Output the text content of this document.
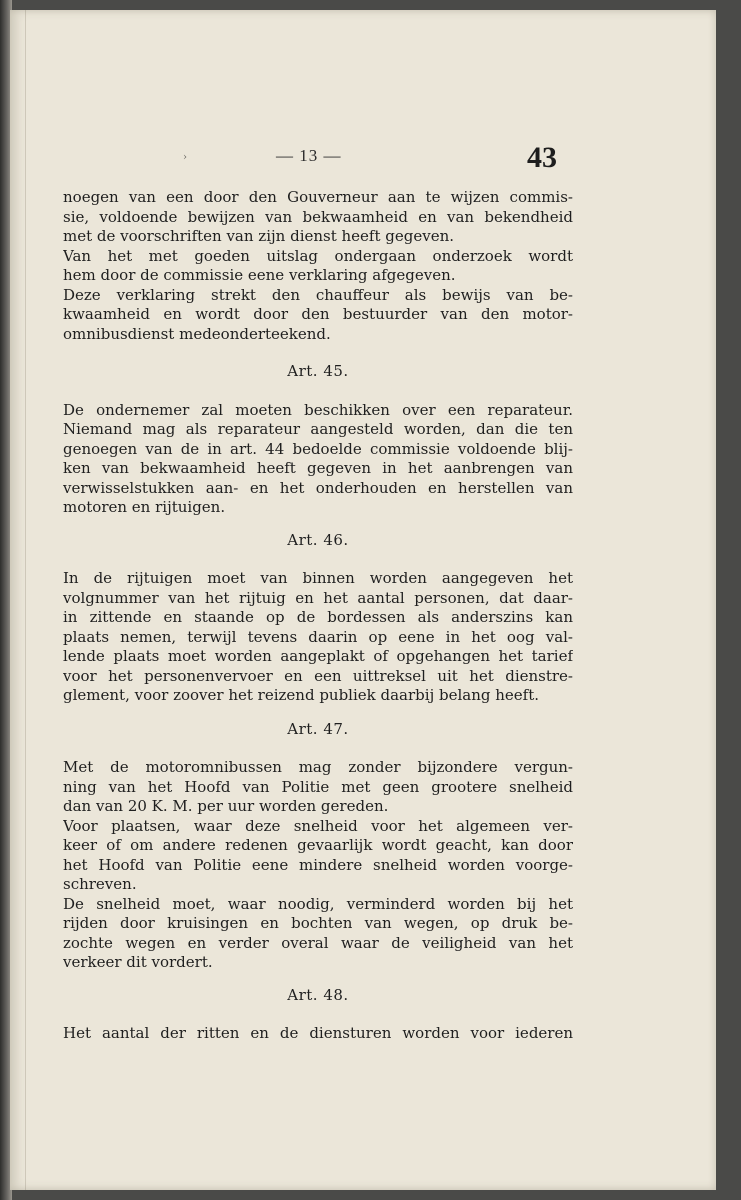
›	— 13 —	43
noegen van een door den Gouverneur aan te wijzen commis-
sie, voldoende bewijzen van bekwaamheid en van bekendheid
met de voorschriften van zijn dienst heeft gegeven.
Van het met goeden uitslag ondergaan onderzoek wordt
hem door de commissie eene verklaring afgegeven.
Deze verklaring strekt den chauffeur als bewijs van be-
kwaamheid en wordt door den bestuurder van den motor-
omnibusdienst medeonderteekend.
Art. 45.
De ondernemer zal moeten beschikken over een reparateur.
Niemand mag als reparateur aangesteld worden, dan die ten
genoegen van de in art. 44 bedoelde commissie voldoende blij-
ken van bekwaamheid heeft gegeven in het aanbrengen van
verwisselstukken aan- en het onderhouden en herstellen van
motoren en rijtuigen.
Art. 46.
In de rijtuigen moet van binnen worden aangegeven het
volgnummer van het rijtuig en het aantal personen, dat daar-
in zittende en staande op de bordessen als anderszins kan
plaats nemen, terwijl tevens daarin op eene in het oog val-
lende plaats moet worden aangeplakt of opgehangen het tarief
voor het personenvervoer en een uittreksel uit het dienstre-
glement, voor zoover het reizend publiek daarbij belang heeft.
Art. 47.
Met de motoromnibussen mag zonder bijzondere vergun-
ning van het Hoofd van Politie met geen grootere snelheid
dan van 20 K. M. per uur worden gereden.
Voor plaatsen, waar deze snelheid voor het algemeen ver-
keer of om andere redenen gevaarlijk wordt geacht, kan door
het Hoofd van Politie eene mindere snelheid worden voorge-
schreven.
De snelheid moet, waar noodig, verminderd worden bij het
rijden door kruisingen en bochten van wegen, op druk be-
zochte wegen en verder overal waar de veiligheid van het
verkeer dit vordert.
Art. 48.
Het aantal der ritten en de diensturen worden voor iederen
